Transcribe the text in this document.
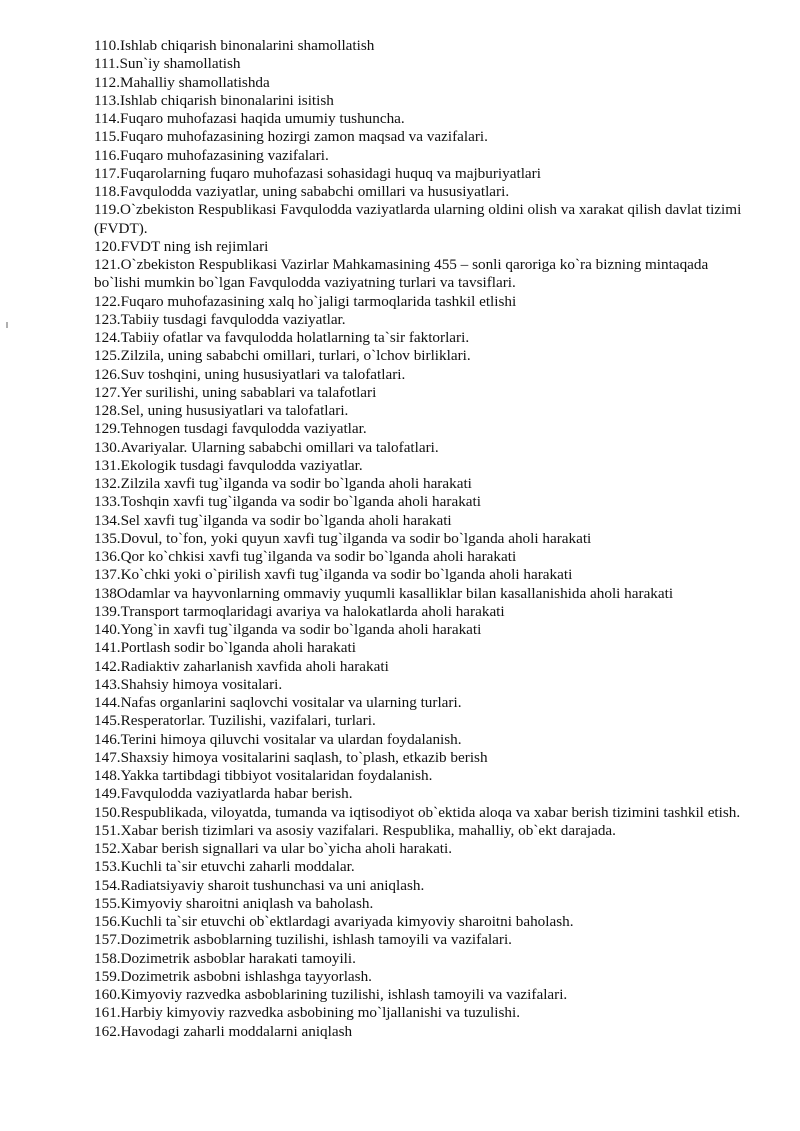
110.Ishlab chiqarish binonalarini shamollatish

111.Sun`iy shamollatish

112.Mahalliy shamollatishda

113.Ishlab chiqarish binonalarini isitish

114.Fuqaro muhofazasi haqida umumiy tushuncha.

115.Fuqaro muhofazasining hozirgi zamon maqsad va vazifalari.

116.Fuqaro muhofazasining vazifalari.

117.Fuqarolarning fuqaro muhofazasi sohasidagi huquq va majburiyatlari

118.Favqulodda vaziyatlar, uning sababchi omillari va hususiyatlari.

119.O`zbekiston Respublikasi Favqulodda vaziyatlarda ularning oldini olish va xarakat qilish davlat tizimi (FVDT).

120.FVDT ning ish rejimlari

121.O`zbekiston Respublikasi Vazirlar Mahkamasining 455 – sonli qaroriga ko`ra bizning mintaqada bo`lishi mumkin bo`lgan Favqulodda vaziyatning turlari va tavsiflari.

122.Fuqaro muhofazasining xalq ho`jaligi tarmoqlarida tashkil etlishi

123.Tabiiy tusdagi favqulodda vaziyatlar.

124.Tabiiy ofatlar va favqulodda holatlarning ta`sir faktorlari.

125.Zilzila, uning sababchi omillari, turlari, o`lchov birliklari.

126.Suv toshqini, uning hususiyatlari va talofatlari.

127.Yer surilishi, uning sabablari va talafotlari

128.Sel, uning hususiyatlari va talofatlari.

129.Tehnogen tusdagi favqulodda vaziyatlar.

130.Avariyalar. Ularning sababchi omillari va talofatlari.

131.Ekologik tusdagi favqulodda vaziyatlar.

132.Zilzila xavfi tug`ilganda va sodir bo`lganda aholi harakati

133.Toshqin xavfi tug`ilganda va sodir bo`lganda aholi harakati

134.Sel xavfi tug`ilganda va sodir bo`lganda aholi harakati

135.Dovul, to`fon, yoki quyun xavfi tug`ilganda va sodir bo`lganda aholi harakati

136.Qor ko`chkisi xavfi tug`ilganda va sodir bo`lganda aholi harakati

137.Ko`chki yoki o`pirilish xavfi tug`ilganda va sodir bo`lganda aholi harakati

138Odamlar va hayvonlarning ommaviy yuqumli kasalliklar bilan kasallanishida aholi harakati

139.Transport tarmoqlaridagi avariya va halokatlarda aholi harakati

140.Yong`in xavfi tug`ilganda va sodir bo`lganda aholi harakati

141.Portlash sodir bo`lganda aholi harakati

142.Radiaktiv zaharlanish xavfida aholi harakati

143.Shahsiy himoya vositalari.

144.Nafas organlarini saqlovchi vositalar va ularning turlari.

145.Resperatorlar. Tuzilishi, vazifalari, turlari.

146.Terini himoya qiluvchi vositalar va ulardan foydalanish.

147.Shaxsiy himoya vositalarini saqlash, to`plash, etkazib berish

148.Yakka tartibdagi tibbiyot vositalaridan foydalanish.

149.Favqulodda vaziyatlarda habar berish.

150.Respublikada, viloyatda, tumanda va iqtisodiyot ob`ektida aloqa va xabar berish tizimini tashkil etish.

151.Xabar berish tizimlari va asosiy vazifalari. Respublika, mahalliy, ob`ekt darajada.

152.Xabar berish signallari va ular bo`yicha aholi harakati.

153.Kuchli ta`sir etuvchi zaharli moddalar.

154.Radiatsiyaviy sharoit tushunchasi va uni aniqlash.

155.Kimyoviy sharoitni aniqlash va baholash.

156.Kuchli ta`sir etuvchi ob`ektlardagi avariyada kimyoviy sharoitni baholash.

157.Dozimetrik asboblarning tuzilishi, ishlash tamoyili va vazifalari.

158.Dozimetrik asboblar harakati tamoyili.

159.Dozimetrik asbobni ishlashga tayyorlash.

160.Kimyoviy razvedka asboblarining tuzilishi, ishlash tamoyili va vazifalari.

161.Harbiy kimyoviy razvedka asbobining mo`ljallanishi va tuzulishi.

162.Havodagi zaharli moddalarni aniqlash
